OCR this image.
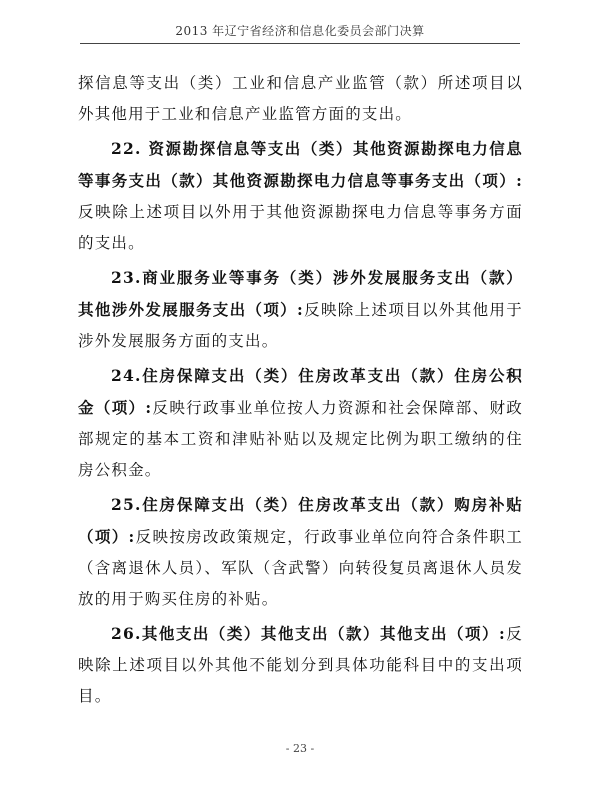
2013 年辽宁省经济和信息化委员会部门决算

探信息等支出（类）工业和信息产业监管（款）所述项目以外其他用于工业和信息产业监管方面的支出。

22. 资源勘探信息等支出（类）其他资源勘探电力信息等事务支出（款）其他资源勘探电力信息等事务支出（项）:反映除上述项目以外用于其他资源勘探电力信息等事务方面的支出。

23.商业服务业等事务（类）涉外发展服务支出（款）其他涉外发展服务支出（项）:反映除上述项目以外其他用于涉外发展服务方面的支出。

24.住房保障支出（类）住房改革支出（款）住房公积金（项）:反映行政事业单位按人力资源和社会保障部、财政部规定的基本工资和津贴补贴以及规定比例为职工缴纳的住房公积金。

25.住房保障支出（类）住房改革支出（款）购房补贴（项）:反映按房改政策规定，行政事业单位向符合条件职工（含离退休人员）、军队（含武警）向转役复员离退休人员发放的用于购买住房的补贴。

26.其他支出（类）其他支出（款）其他支出（项）:反映除上述项目以外其他不能划分到具体功能科目中的支出项目。

- 23 -
